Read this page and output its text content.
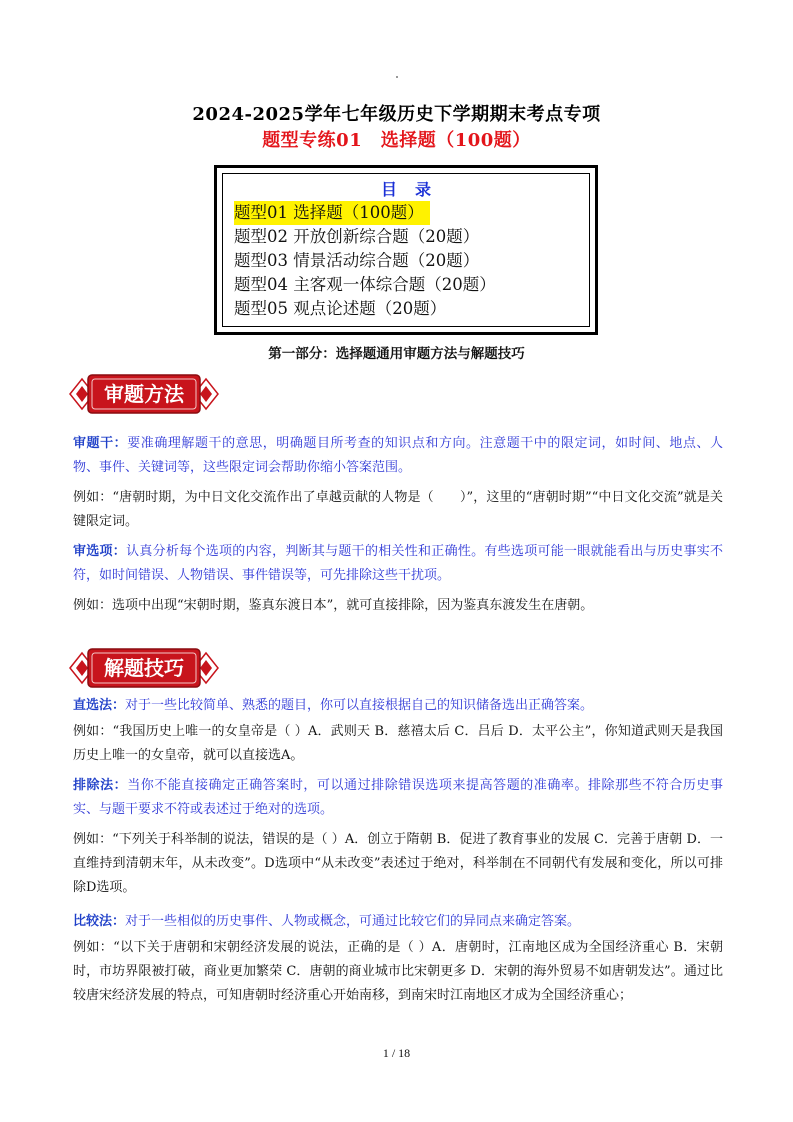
2024-2025学年七年级历史下学期期末考点专项
题型专练01　选择题（100题）
目录
题型01 选择题（100题）
题型02 开放创新综合题（20题）
题型03 情景活动综合题（20题）
题型04 主客观一体综合题（20题）
题型05 观点论述题（20题）
第一部分：选择题通用审题方法与解题技巧
审题方法

审题干：要准确理解题干的意思，明确题目所考查的知识点和方向。注意题干中的限定词，如时间、地点、人物、事件、关键词等，这些限定词会帮助你缩小答案范围。

例如：“唐朝时期，为中日文化交流作出了卓越贡献的人物是（　　）”，这里的“唐朝时期”“中日文化交流”就是关键限定词。

审选项：认真分析每个选项的内容，判断其与题干的相关性和正确性。有些选项可能一眼就能看出与历史事实不符，如时间错误、人物错误、事件错误等，可先排除这些干扰项。

例如：选项中出现“宋朝时期，鉴真东渡日本”，就可直接排除，因为鉴真东渡发生在唐朝。

解题技巧

直选法：对于一些比较简单、熟悉的题目，你可以直接根据自己的知识储备选出正确答案。

例如：“我国历史上唯一的女皇帝是（ ）A．武则天 B．慈禧太后 C．吕后 D．太平公主”，你知道武则天是我国历史上唯一的女皇帝，就可以直接选A。

排除法：当你不能直接确定正确答案时，可以通过排除错误选项来提高答题的准确率。排除那些不符合历史事实、与题干要求不符或表述过于绝对的选项。

例如：“下列关于科举制的说法，错误的是（ ）A．创立于隋朝 B．促进了教育事业的发展 C．完善于唐朝 D．一直维持到清朝末年，从未改变”。D选项中“从未改变”表述过于绝对，科举制在不同朝代有发展和变化，所以可排除D选项。

比较法：对于一些相似的历史事件、人物或概念，可通过比较它们的异同点来确定答案。

例如：“以下关于唐朝和宋朝经济发展的说法，正确的是（ ）A．唐朝时，江南地区成为全国经济重心 B．宋朝时，市坊界限被打破，商业更加繁荣 C．唐朝的商业城市比宋朝更多 D．宋朝的海外贸易不如唐朝发达”。通过比较唐宋经济发展的特点，可知唐朝时经济重心开始南移，到南宋时江南地区才成为全国经济重心；

1 / 18
